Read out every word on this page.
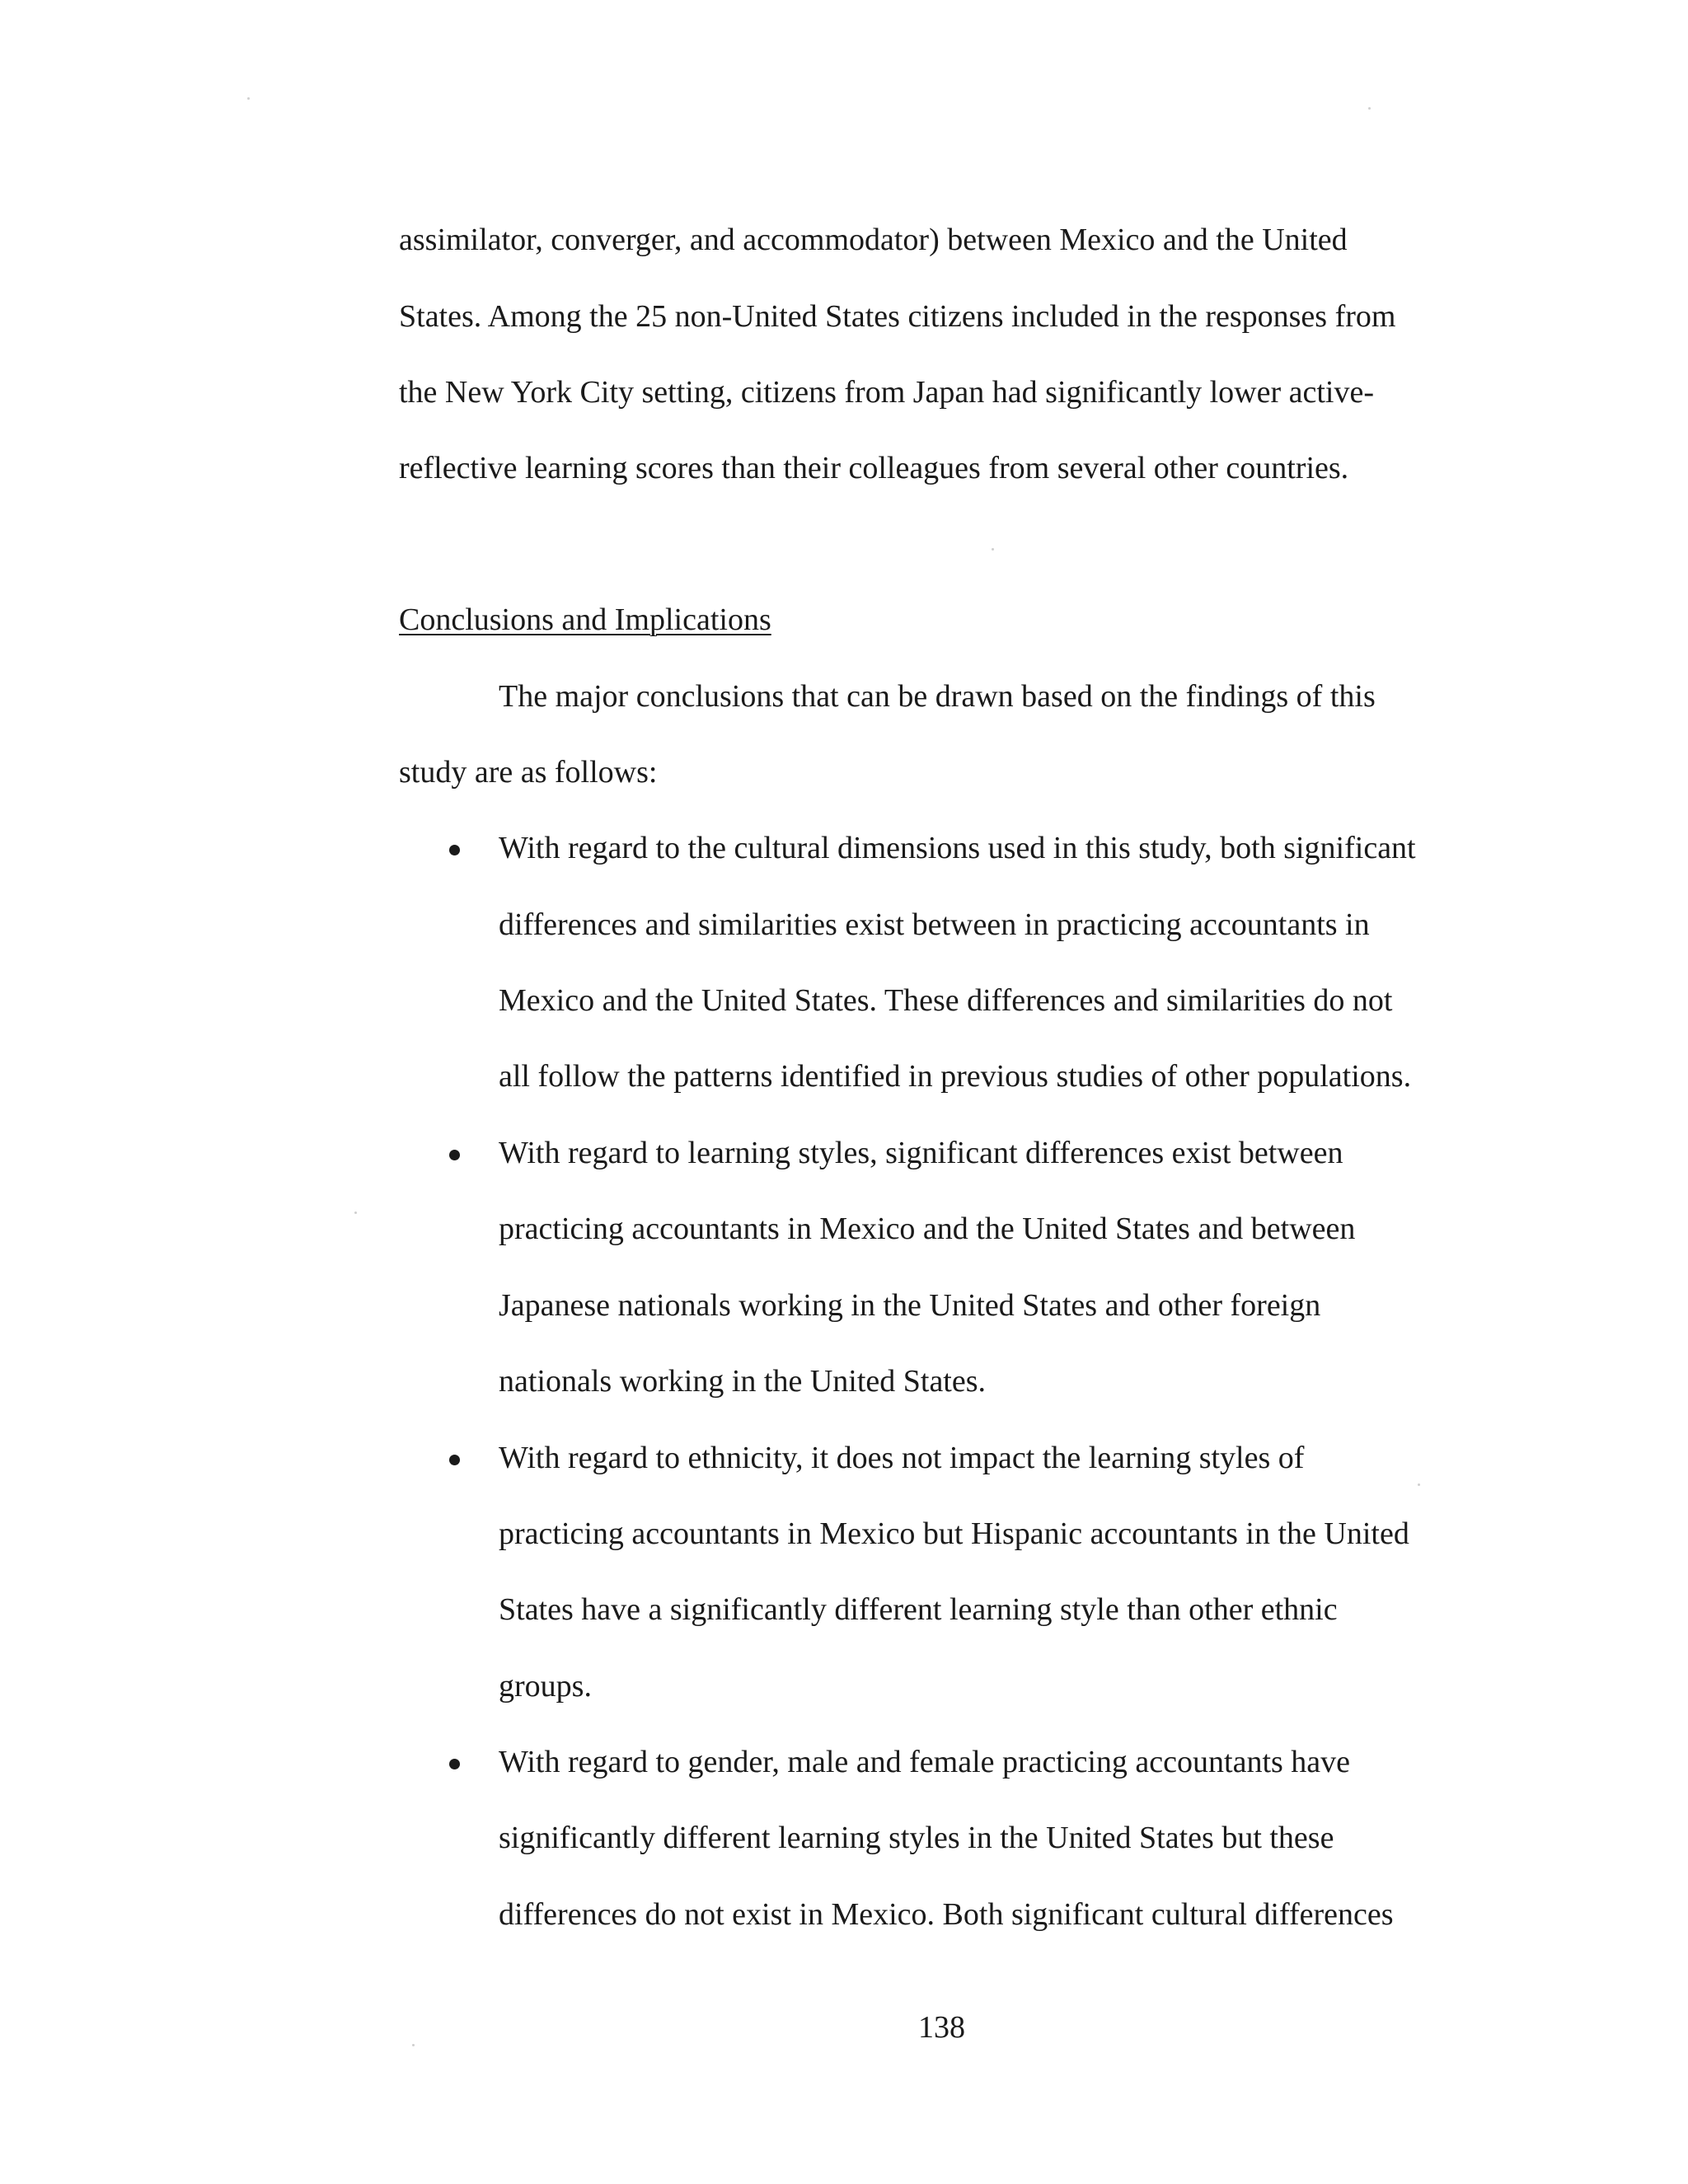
assimilator, converger, and accommodator) between Mexico and the United
States. Among the 25 non-United States citizens included in the responses from
the New York City setting, citizens from Japan had significantly lower active-
reflective learning scores than their colleagues from several other countries.
Conclusions and Implications
The major conclusions that can be drawn based on the findings of this
study are as follows:
With regard to the cultural dimensions used in this study, both significant
differences and similarities exist between in practicing accountants in
Mexico and the United States. These differences and similarities do not
all follow the patterns identified in previous studies of other populations.
With regard to learning styles, significant differences exist between
practicing accountants in Mexico and the United States and between
Japanese nationals working in the United States and other foreign
nationals working in the United States.
With regard to ethnicity, it does not impact the learning styles of
practicing accountants in Mexico but Hispanic accountants in the United
States have a significantly different learning style than other ethnic
groups.
With regard to gender, male and female practicing accountants have
significantly different learning styles in the United States but these
differences do not exist in Mexico. Both significant cultural differences
138
